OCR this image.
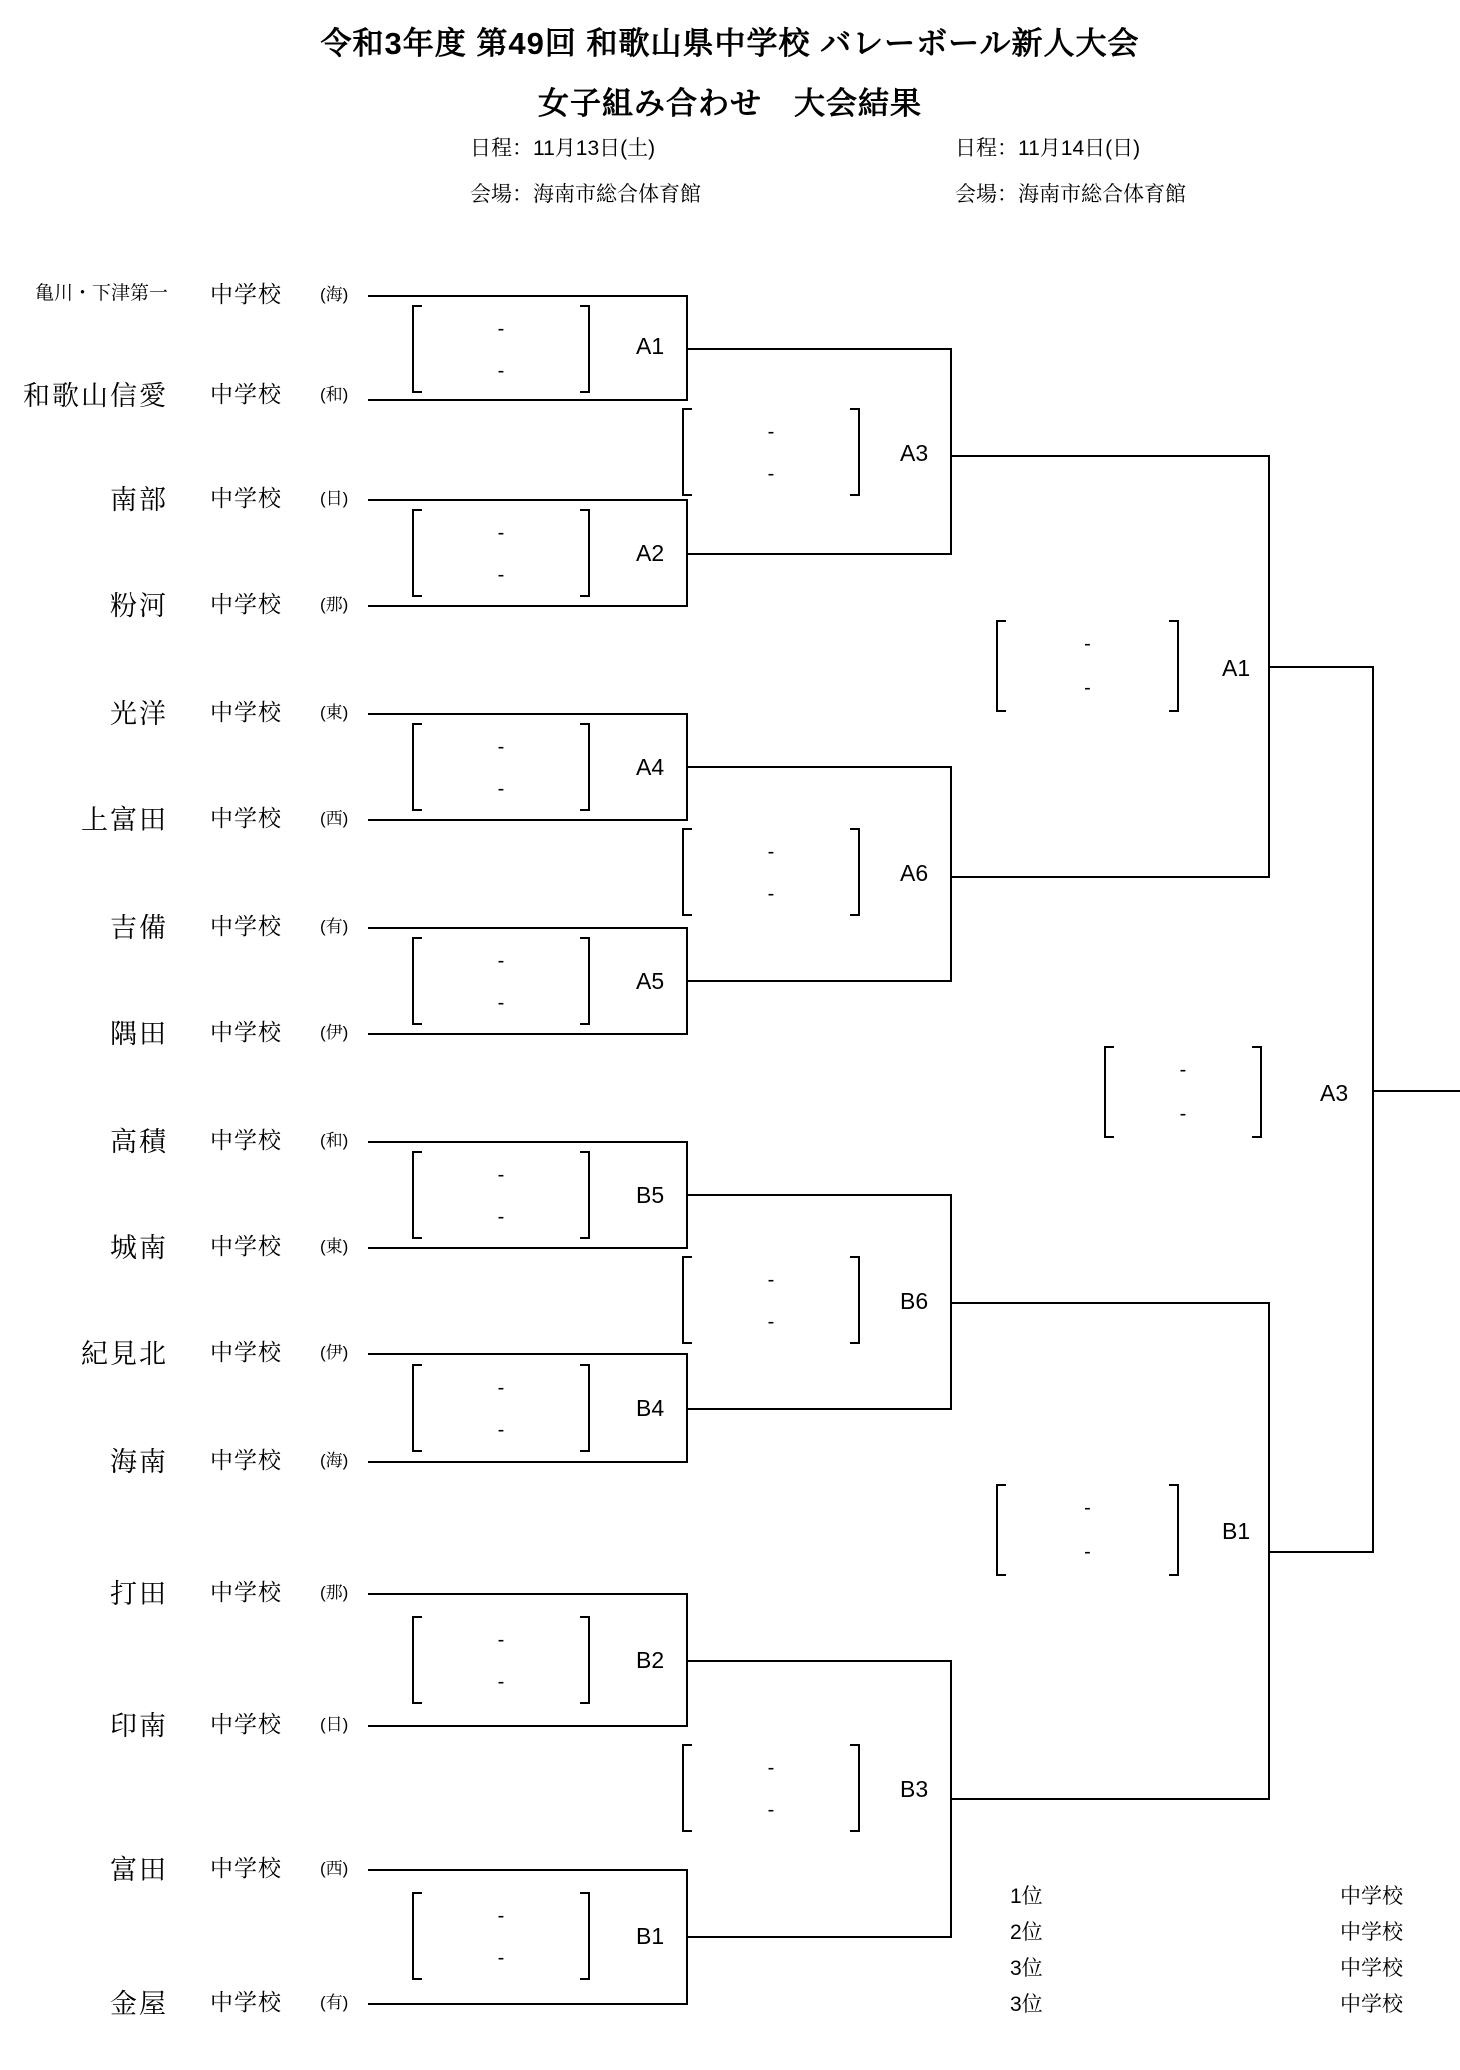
令和3年度 第49回 和歌山県中学校 バレーボール新人大会
女子組み合わせ　大会結果
日程：11月13日(土)
会場：海南市総合体育館
日程：11月14日(日)
会場：海南市総合体育館
亀川・下津第一 中学校 (海)
和歌山信愛 中学校 (和)
南部 中学校 (日)
粉河 中学校 (那)
光洋 中学校 (東)
上富田 中学校 (西)
吉備 中学校 (有)
隅田 中学校 (伊)
高積 中学校 (和)
城南 中学校 (東)
紀見北 中学校 (伊)
海南 中学校 (海)
打田 中学校 (那)
印南 中学校 (日)
富田 中学校 (西)
金屋 中学校 (有)
-
-
A1
-
-
A2
-
-
A4
-
-
A5
-
-
B5
-
-
B4
-
-
B2
-
-
B1
-
-
A3
-
-
A6
-
-
B6
-
-
B3
-
-
A1
-
-
B1
-
-
A3
1位	中学校
2位	中学校
3位	中学校
3位	中学校
